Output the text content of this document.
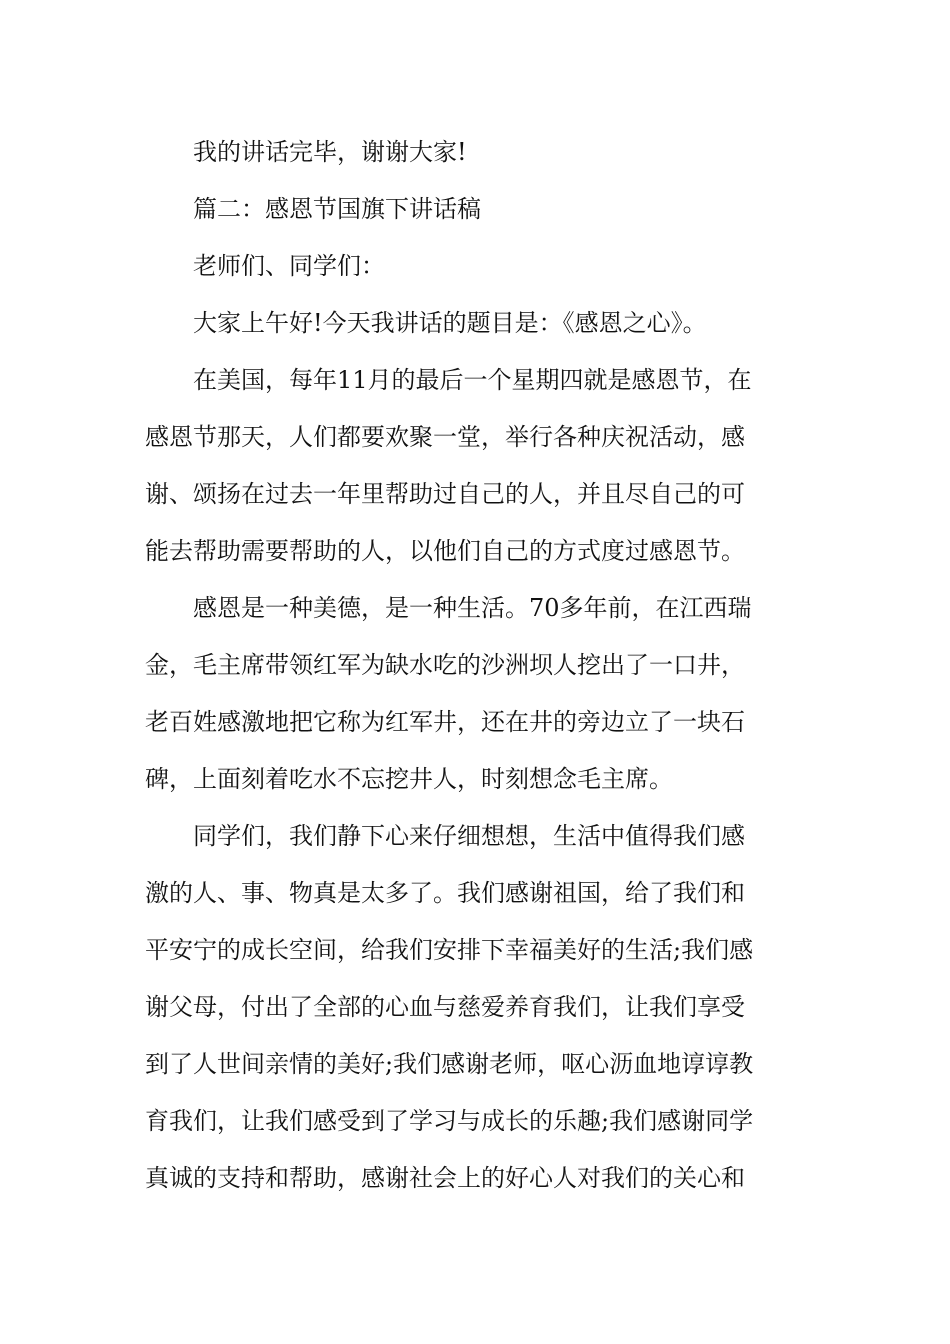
我的讲话完毕，谢谢大家!

篇二：感恩节国旗下讲话稿

老师们、同学们：

大家上午好!今天我讲话的题目是：《感恩之心》。

在美国，每年11月的最后一个星期四就是感恩节，在

感恩节那天，人们都要欢聚一堂，举行各种庆祝活动，感

谢、颂扬在过去一年里帮助过自己的人，并且尽自己的可

能去帮助需要帮助的人，以他们自己的方式度过感恩节。

感恩是一种美德，是一种生活。70多年前，在江西瑞

金，毛主席带领红军为缺水吃的沙洲坝人挖出了一口井，

老百姓感激地把它称为红军井，还在井的旁边立了一块石

碑，上面刻着吃水不忘挖井人，时刻想念毛主席。

同学们，我们静下心来仔细想想，生活中值得我们感

激的人、事、物真是太多了。我们感谢祖国，给了我们和

平安宁的成长空间，给我们安排下幸福美好的生活;我们感

谢父母，付出了全部的心血与慈爱养育我们，让我们享受

到了人世间亲情的美好;我们感谢老师，呕心沥血地谆谆教

育我们，让我们感受到了学习与成长的乐趣;我们感谢同学

真诚的支持和帮助，感谢社会上的好心人对我们的关心和
